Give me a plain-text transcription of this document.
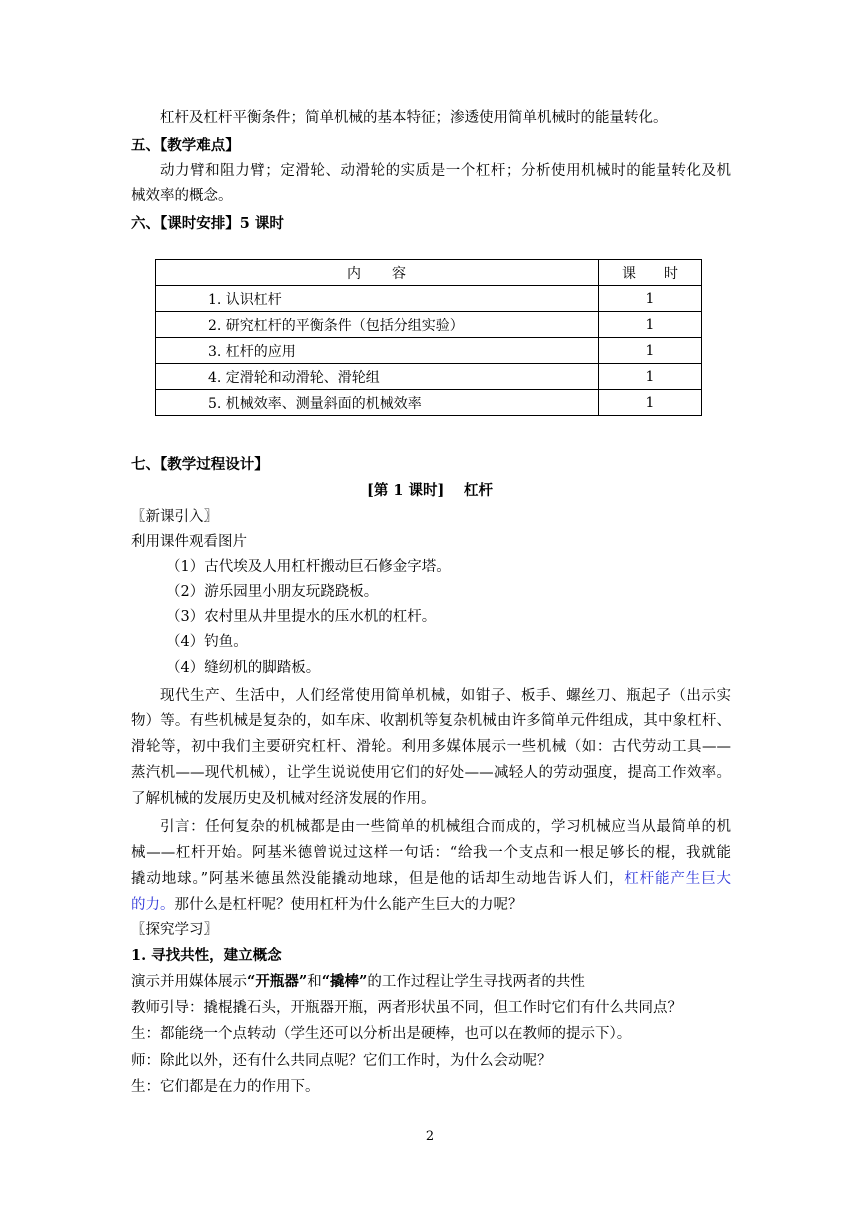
杠杆及杠杆平衡条件；简单机械的基本特征；渗透使用简单机械时的能量转化。
五、【教学难点】
动力臂和阻力臂；定滑轮、动滑轮的实质是一个杠杆；分析使用机械时的能量转化及机
械效率的概念。
六、【课时安排】5 课时
内　　容	课　　时
1. 认识杠杆	1
2. 研究杠杆的平衡条件（包括分组实验）	1
3. 杠杆的应用	1
4. 定滑轮和动滑轮、滑轮组	1
5. 机械效率、测量斜面的机械效率	1
七、【教学过程设计】
[第 1 课时]　 杠杆
〖新课引入〗
利用课件观看图片
（1）古代埃及人用杠杆搬动巨石修金字塔。
（2）游乐园里小朋友玩跷跷板。
（3）农村里从井里提水的压水机的杠杆。
（4）钓鱼。
（4）缝纫机的脚踏板。
现代生产、生活中，人们经常使用简单机械，如钳子、板手、螺丝刀、瓶起子（出示实
物）等。有些机械是复杂的，如车床、收割机等复杂机械由许多简单元件组成，其中象杠杆、
滑轮等，初中我们主要研究杠杆、滑轮。利用多媒体展示一些机械（如：古代劳动工具——
蒸汽机——现代机械），让学生说说使用它们的好处——减轻人的劳动强度，提高工作效率。
了解机械的发展历史及机械对经济发展的作用。
引言：任何复杂的机械都是由一些简单的机械组合而成的，学习机械应当从最简单的机
械——杠杆开始。阿基米德曾说过这样一句话：“给我一个支点和一根足够长的棍，我就能
撬动地球。”阿基米德虽然没能撬动地球，但是他的话却生动地告诉人们，杠杆能产生巨大
的力。那什么是杠杆呢？使用杠杆为什么能产生巨大的力呢？
〖探究学习〗
1. 寻找共性，建立概念
演示并用媒体展示“开瓶器”和“撬棒”的工作过程让学生寻找两者的共性
教师引导：撬棍撬石头，开瓶器开瓶，两者形状虽不同，但工作时它们有什么共同点？
生：都能绕一个点转动（学生还可以分析出是硬棒，也可以在教师的提示下）。
师：除此以外，还有什么共同点呢？它们工作时，为什么会动呢？
生：它们都是在力的作用下。
2
